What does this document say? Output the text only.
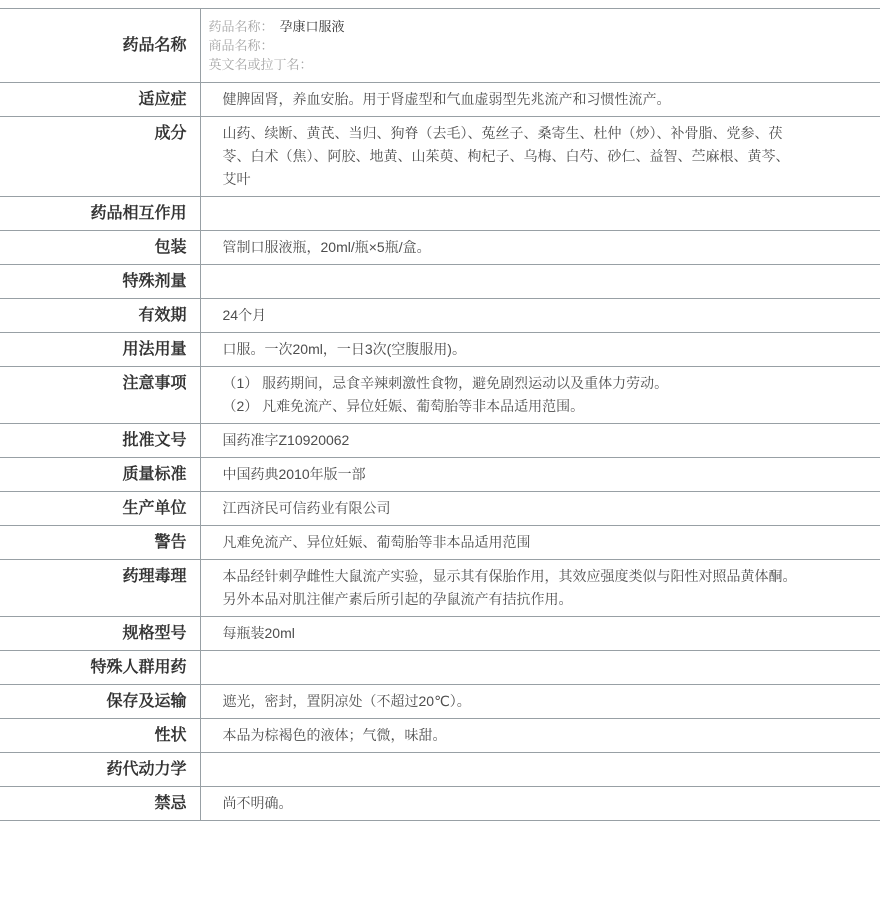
药品名称	药品名称： 孕康口服液
商品名称：
英文名或拉丁名：

适应症	健脾固肾，养血安胎。用于肾虚型和气血虚弱型先兆流产和习惯性流产。

成分	山药、续断、黄芪、当归、狗脊（去毛）、菟丝子、桑寄生、杜仲（炒）、补骨脂、党参、茯苓、白术（焦）、阿胶、地黄、山茱萸、枸杞子、乌梅、白芍、砂仁、益智、苎麻根、黄芩、艾叶

药品相互作用	

包装	管制口服液瓶，20ml/瓶×5瓶/盒。

特殊剂量	

有效期	24个月

用法用量	口服。一次20ml，一日3次(空腹服用)。

注意事项	（1） 服药期间，忌食辛辣刺激性食物，避免剧烈运动以及重体力劳动。
（2） 凡难免流产、异位妊娠、葡萄胎等非本品适用范围。

批准文号	国药准字Z10920062

质量标准	中国药典2010年版一部

生产单位	江西济民可信药业有限公司

警告	凡难免流产、异位妊娠、葡萄胎等非本品适用范围

药理毒理	本品经针刺孕雌性大鼠流产实验，显示其有保胎作用，其效应强度类似与阳性对照品黄体酮。另外本品对肌注催产素后所引起的孕鼠流产有拮抗作用。

规格型号	每瓶装20ml

特殊人群用药	

保存及运输	遮光，密封，置阴凉处（不超过20℃）。

性状	本品为棕褐色的液体；气微，味甜。

药代动力学	

禁忌	尚不明确。
